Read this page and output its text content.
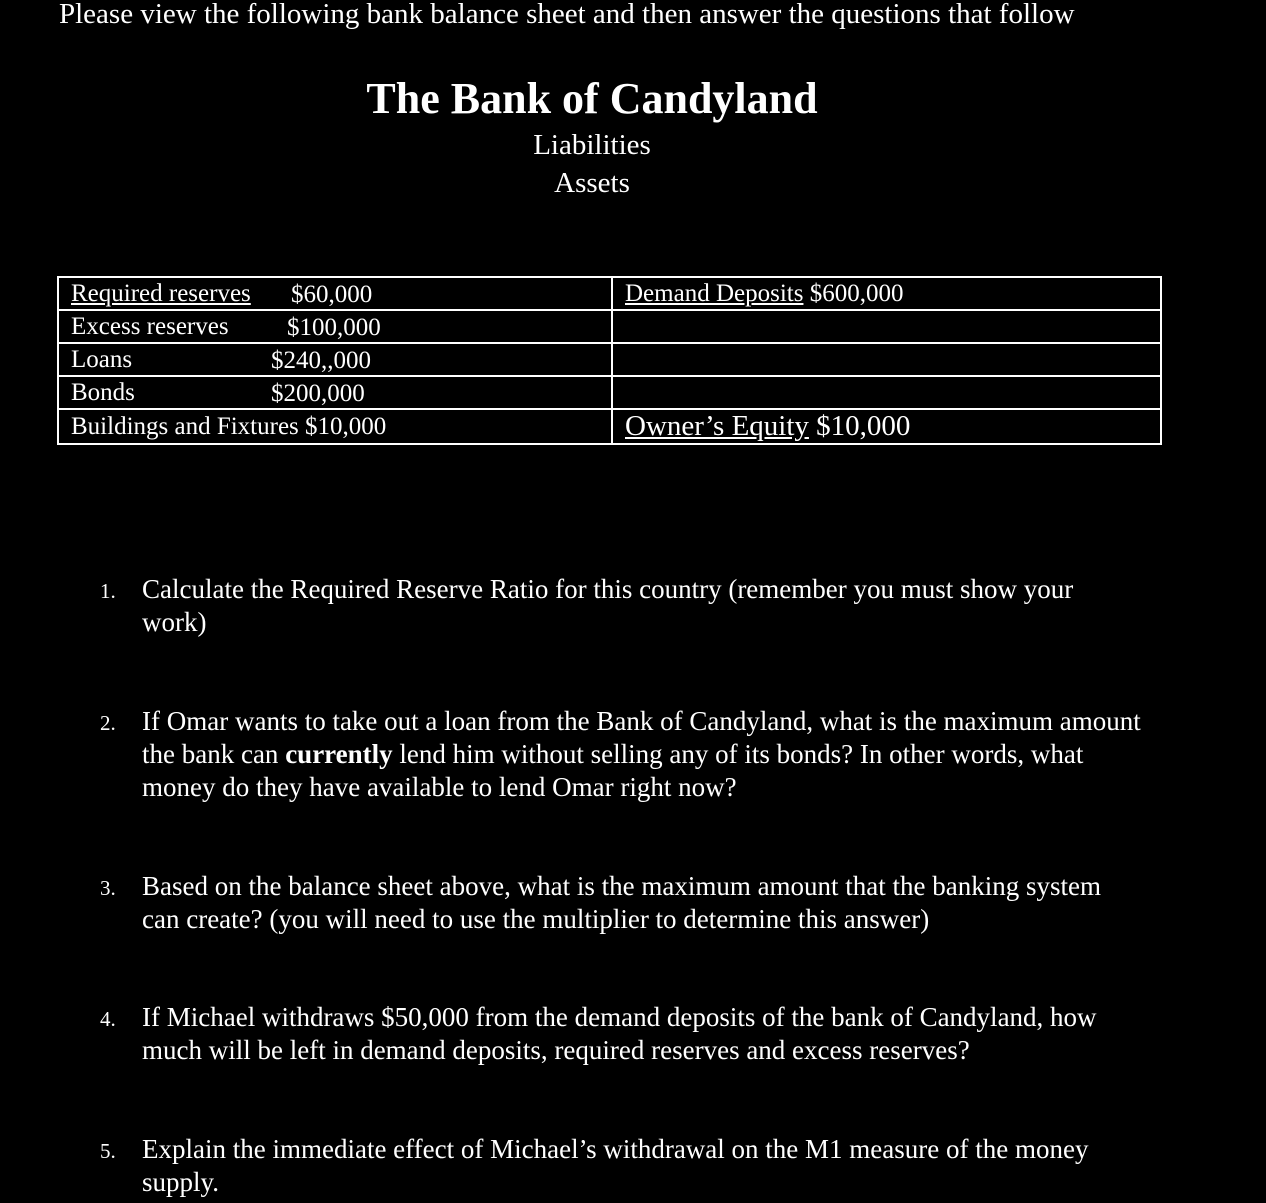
Please view the following bank balance sheet and then answer the questions that follow
The Bank of Candyland
Liabilities
Assets
Required reserves $60,000	Demand Deposits $600,000
Excess reserves $100,000	

Loans $240,,000	

Bonds $200,000	

Buildings and Fixtures $10,000	Owner’s Equity $10,000
1. Calculate the Required Reserve Ratio for this country (remember you must show your work)
2. If Omar wants to take out a loan from the Bank of Candyland, what is the maximum amount the bank can currently lend him without selling any of its bonds? In other words, what money do they have available to lend Omar right now?
3. Based on the balance sheet above, what is the maximum amount that the banking system can create? (you will need to use the multiplier to determine this answer)
4. If Michael withdraws $50,000 from the demand deposits of the bank of Candyland, how much will be left in demand deposits, required reserves and excess reserves?
5. Explain the immediate effect of Michael’s withdrawal on the M1 measure of the money supply.
